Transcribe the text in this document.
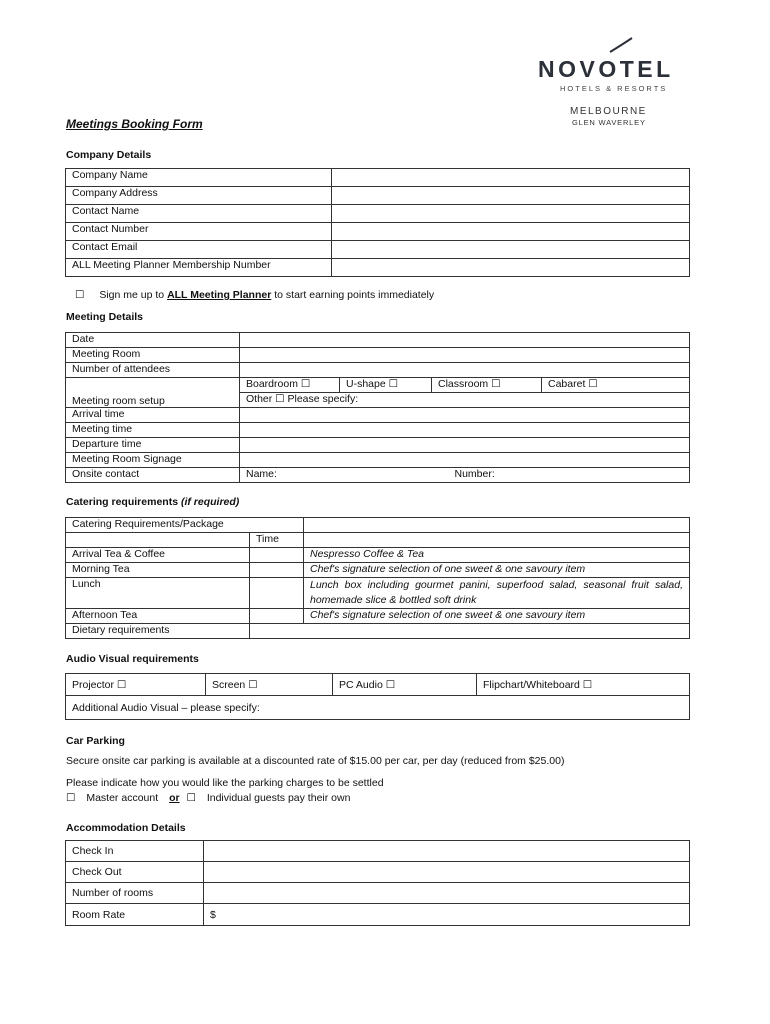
NOVOTEL
HOTELS & RESORTS
MELBOURNE
GLEN WAVERLEY
Meetings Booking Form
Company Details
Company Name	
Company Address	
Contact Name	
Contact Number	
Contact Email	
ALL Meeting Planner Membership Number	
☐ Sign me up to ALL Meeting Planner to start earning points immediately
Meeting Details
Date				
Meeting Room				
Number of attendees				
Meeting room setup	Boardroom ☐	U-shape ☐	Classroom ☐	Cabaret ☐
	Other ☐ Please specify:			
Arrival time				
Meeting time				
Departure time				
Meeting Room Signage				
Onsite contact	Name: Number:			
Catering requirements (if required)
Catering Requirements/Package		
	Time	
Arrival Tea & Coffee		Nespresso Coffee & Tea
Morning Tea		Chef's signature selection of one sweet & one savoury item
Lunch		Lunch box including gourmet panini, superfood salad, seasonal fruit salad, homemade slice & bottled soft drink
Afternoon Tea		Chef's signature selection of one sweet & one savoury item
Dietary requirements		
Audio Visual requirements
Projector ☐	Screen ☐	PC Audio ☐	Flipchart/Whiteboard ☐
Additional Audio Visual – please specify:
Car Parking
Secure onsite car parking is available at a discounted rate of $15.00 per car, per day (reduced from $25.00)
Please indicate how you would like the parking charges to be settled
☐ Master account or ☐ Individual guests pay their own
Accommodation Details
Check In	
Check Out	
Number of rooms	
Room Rate	$
